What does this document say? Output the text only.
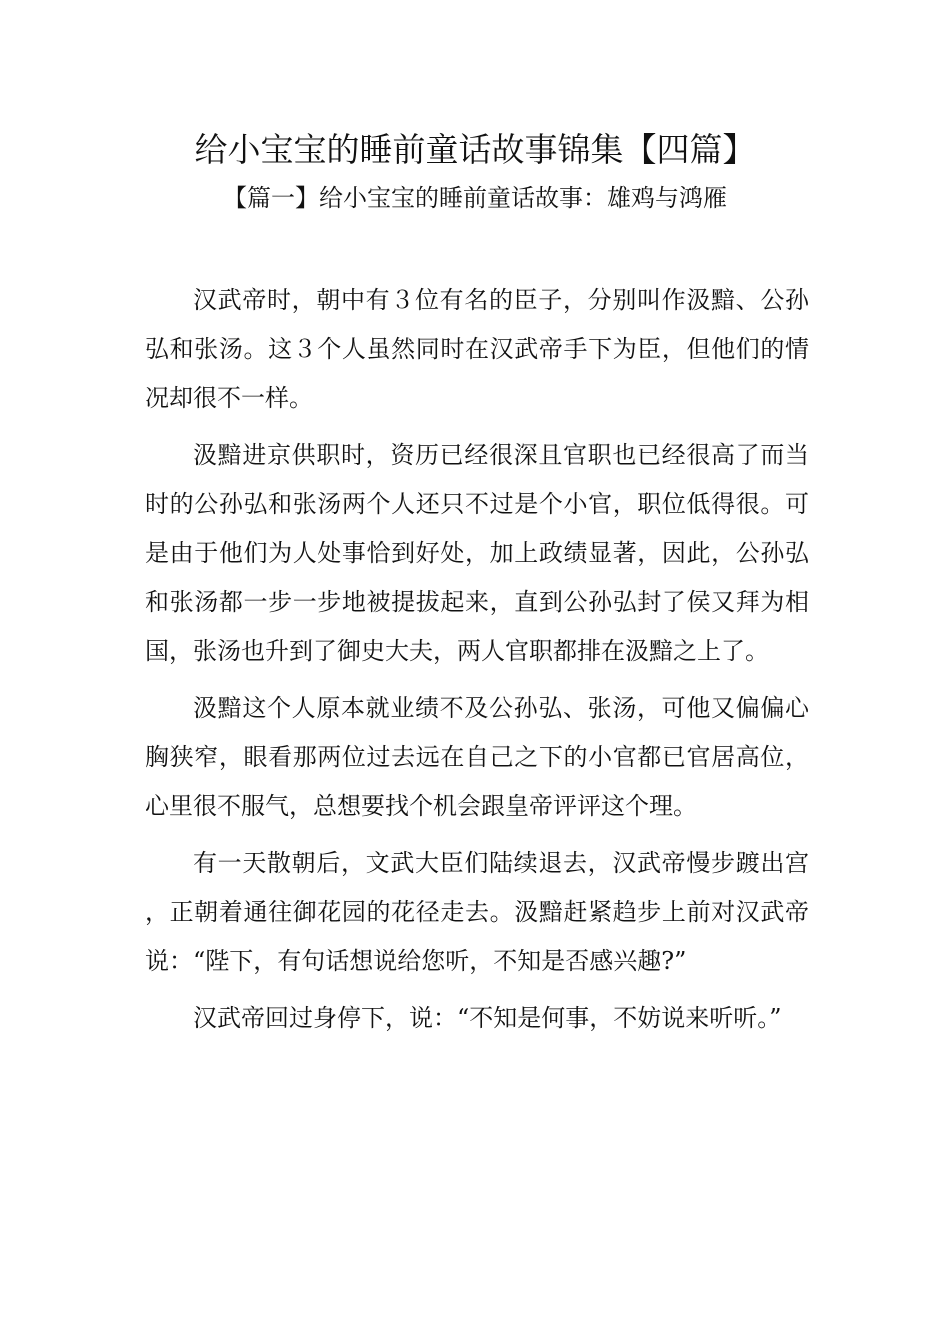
给小宝宝的睡前童话故事锦集【四篇】
【篇一】给小宝宝的睡前童话故事：雄鸡与鸿雁

汉武帝时，朝中有３位有名的臣子，分别叫作汲黯、公孙弘和张汤。这３个人虽然同时在汉武帝手下为臣，但他们的情况却很不一样。

汲黯进京供职时，资历已经很深且官职也已经很高了而当时的公孙弘和张汤两个人还只不过是个小官，职位低得很。可是由于他们为人处事恰到好处，加上政绩显著，因此，公孙弘和张汤都一步一步地被提拔起来，直到公孙弘封了侯又拜为相国，张汤也升到了御史大夫，两人官职都排在汲黯之上了。

汲黯这个人原本就业绩不及公孙弘、张汤，可他又偏偏心胸狭窄，眼看那两位过去远在自己之下的小官都已官居高位，心里很不服气，总想要找个机会跟皇帝评评这个理。

有一天散朝后，文武大臣们陆续退去，汉武帝慢步踱出宫，正朝着通往御花园的花径走去。汲黯赶紧趋步上前对汉武帝说：“陛下，有句话想说给您听，不知是否感兴趣?”

汉武帝回过身停下，说：“不知是何事，不妨说来听听。”
